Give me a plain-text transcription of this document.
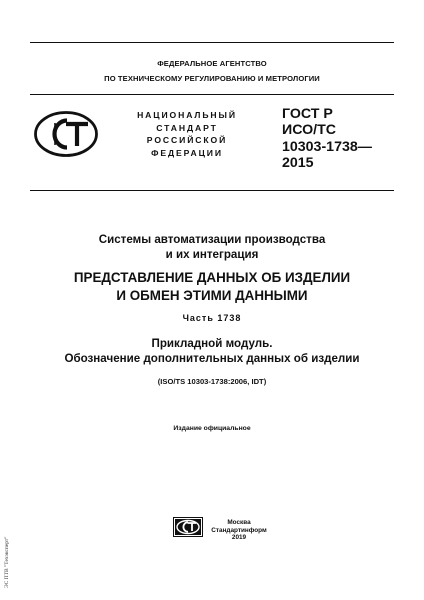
ФЕДЕРАЛЬНОЕ АГЕНТСТВО
ПО ТЕХНИЧЕСКОМУ РЕГУЛИРОВАНИЮ И МЕТРОЛОГИИ
НАЦИОНАЛЬНЫЙ
СТАНДАРТ
РОССИЙСКОЙ
ФЕДЕРАЦИИ
ГОСТ Р
ИСО/ТС
10303-1738—
2015
Системы автоматизации производства
и их интеграция
ПРЕДСТАВЛЕНИЕ ДАННЫХ ОБ ИЗДЕЛИИ
И ОБМЕН ЭТИМИ ДАННЫМИ
Часть 1738
Прикладной модуль.
Обозначение дополнительных данных об изделии
(ISO/TS 10303-1738:2006, IDT)
Издание официальное
ЭС ПТВ "Техэксперт"
Москва
Стандартинформ
2019
